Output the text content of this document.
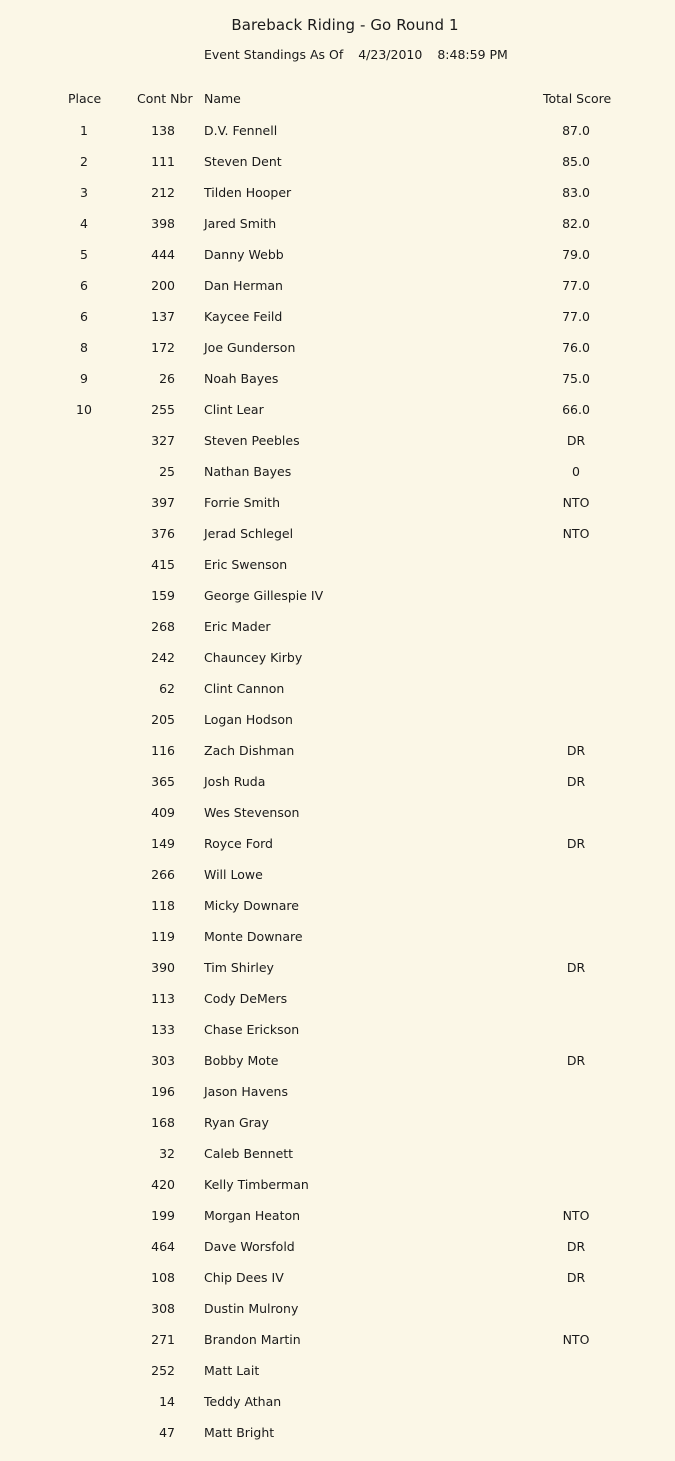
Bareback Riding - Go Round 1
Event Standings As Of 4/23/2010 8:48:59 PM
Place	Cont Nbr Name	Total Score
1	138 D.V. Fennell	87.0
2	111 Steven Dent	85.0
3	212 Tilden Hooper	83.0
4	398 Jared Smith	82.0
5	444 Danny Webb	79.0
6	200 Dan Herman	77.0
6	137 Kaycee Feild	77.0
8	172 Joe Gunderson	76.0
9	26 Noah Bayes	75.0
10	255 Clint Lear	66.0
327 Steven Peebles	DR
25 Nathan Bayes	0
397 Forrie Smith	NTO
376 Jerad Schlegel	NTO
415 Eric Swenson
159 George Gillespie IV
268 Eric Mader
242 Chauncey Kirby
62 Clint Cannon
205 Logan Hodson
116 Zach Dishman	DR
365 Josh Ruda	DR
409 Wes Stevenson
149 Royce Ford	DR
266 Will Lowe
118 Micky Downare
119 Monte Downare
390 Tim Shirley	DR
113 Cody DeMers
133 Chase Erickson
303 Bobby Mote	DR
196 Jason Havens
168 Ryan Gray
32 Caleb Bennett
420 Kelly Timberman
199 Morgan Heaton	NTO
464 Dave Worsfold	DR
108 Chip Dees IV	DR
308 Dustin Mulrony
271 Brandon Martin	NTO
252 Matt Lait
14 Teddy Athan
47 Matt Bright
